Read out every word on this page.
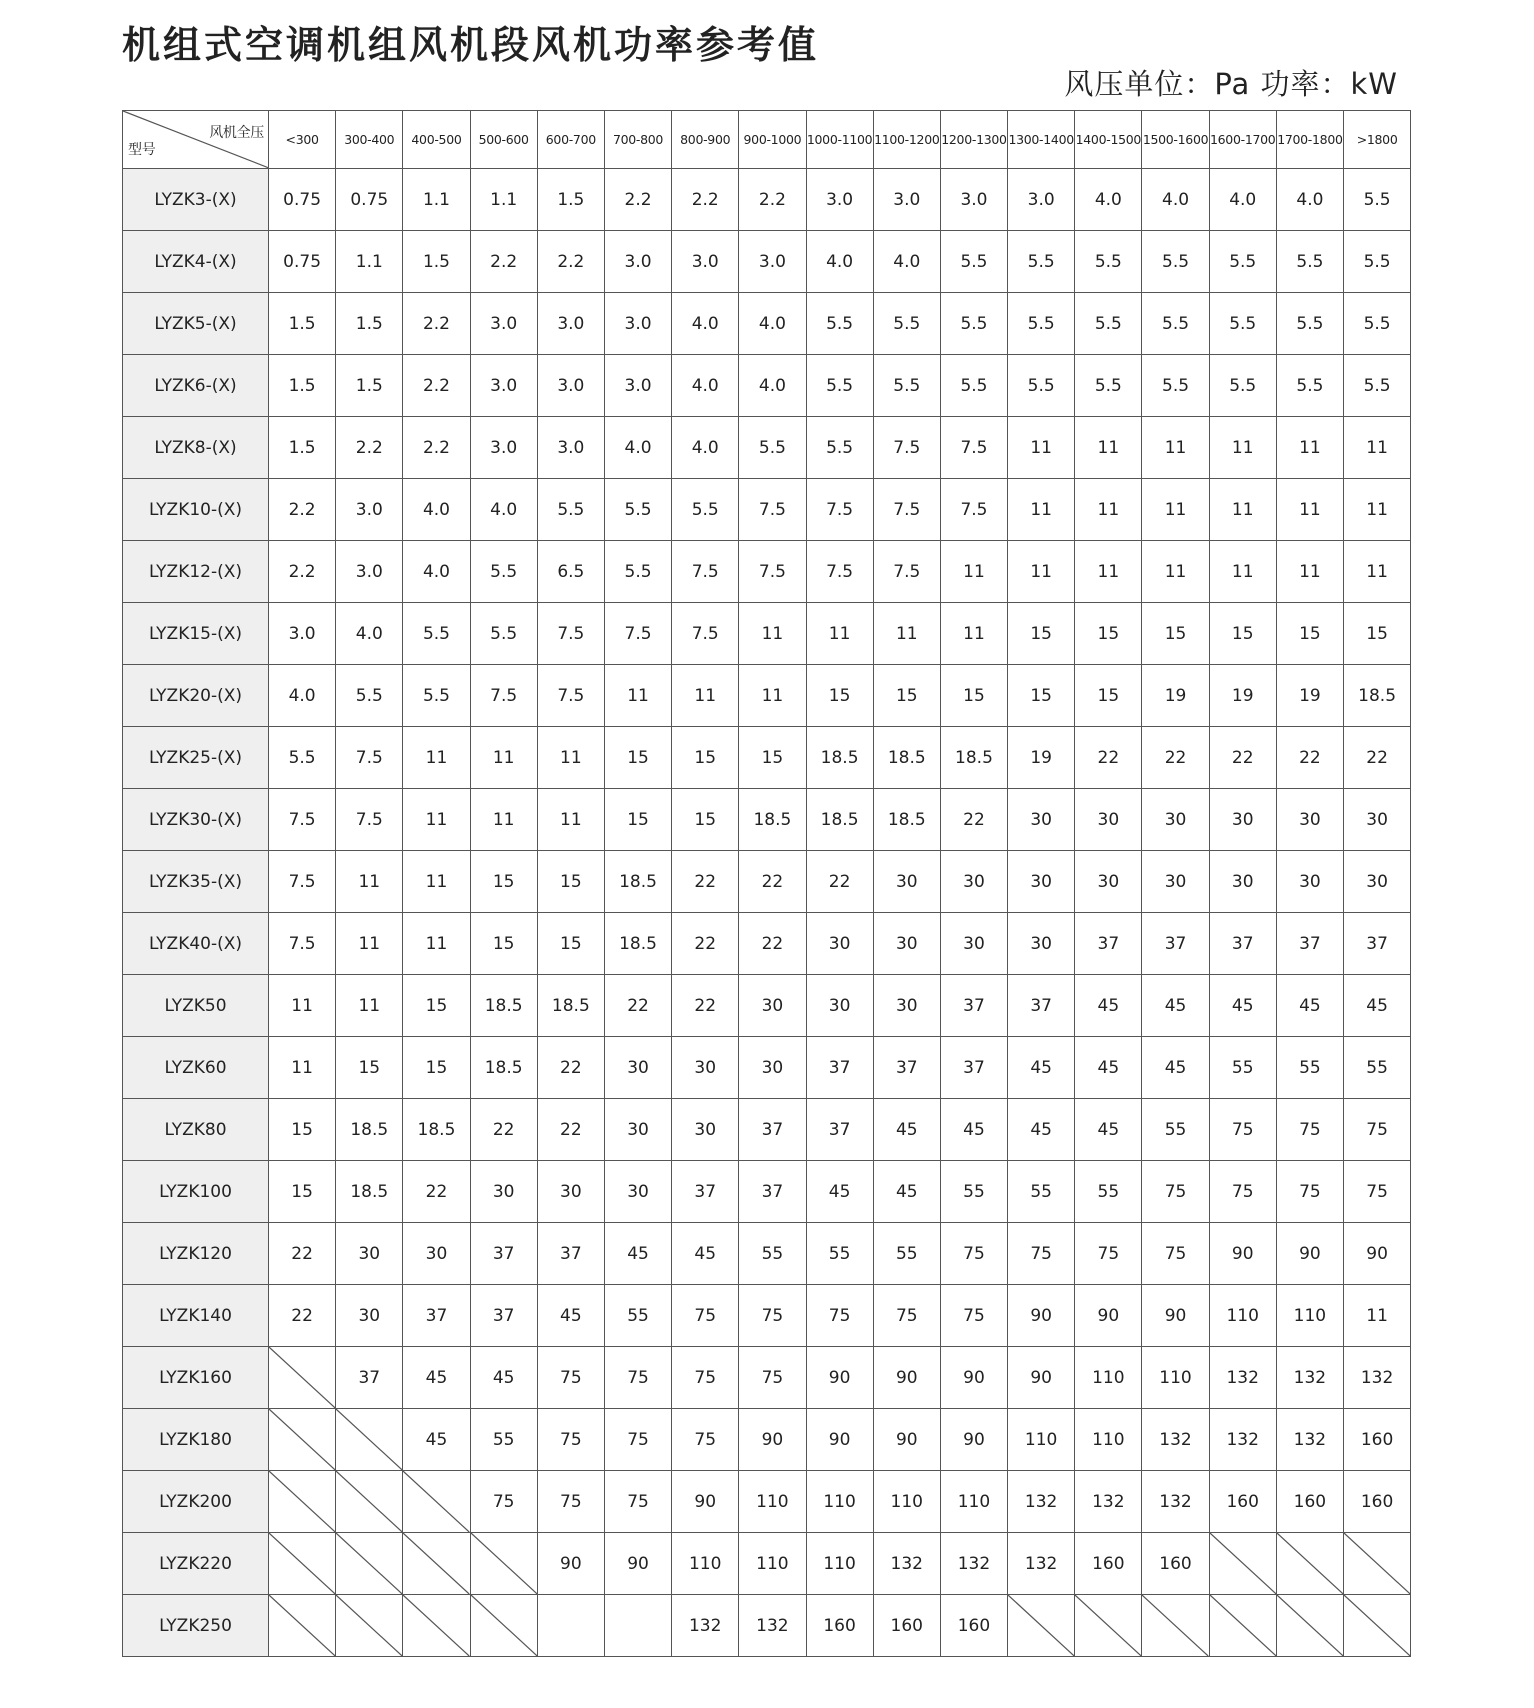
机组式空调机组风机段风机功率参考值
风压单位：Pa 功率：kW
风机全压
型号	<300	300-400	400-500	500-600	600-700	700-800	800-900	900-1000	1000-1100	1100-1200	1200-1300	1300-1400	1400-1500	1500-1600	1600-1700	1700-1800	>1800
LYZK3-(X)	0.75	0.75	1.1	1.1	1.5	2.2	2.2	2.2	3.0	3.0	3.0	3.0	4.0	4.0	4.0	4.0	5.5
LYZK4-(X)	0.75	1.1	1.5	2.2	2.2	3.0	3.0	3.0	4.0	4.0	5.5	5.5	5.5	5.5	5.5	5.5	5.5
LYZK5-(X)	1.5	1.5	2.2	3.0	3.0	3.0	4.0	4.0	5.5	5.5	5.5	5.5	5.5	5.5	5.5	5.5	5.5
LYZK6-(X)	1.5	1.5	2.2	3.0	3.0	3.0	4.0	4.0	5.5	5.5	5.5	5.5	5.5	5.5	5.5	5.5	5.5
LYZK8-(X)	1.5	2.2	2.2	3.0	3.0	4.0	4.0	5.5	5.5	7.5	7.5	11	11	11	11	11	11
LYZK10-(X)	2.2	3.0	4.0	4.0	5.5	5.5	5.5	7.5	7.5	7.5	7.5	11	11	11	11	11	11
LYZK12-(X)	2.2	3.0	4.0	5.5	6.5	5.5	7.5	7.5	7.5	7.5	11	11	11	11	11	11	11
LYZK15-(X)	3.0	4.0	5.5	5.5	7.5	7.5	7.5	11	11	11	11	15	15	15	15	15	15
LYZK20-(X)	4.0	5.5	5.5	7.5	7.5	11	11	11	15	15	15	15	15	19	19	19	18.5
LYZK25-(X)	5.5	7.5	11	11	11	15	15	15	18.5	18.5	18.5	19	22	22	22	22	22
LYZK30-(X)	7.5	7.5	11	11	11	15	15	18.5	18.5	18.5	22	30	30	30	30	30	30
LYZK35-(X)	7.5	11	11	15	15	18.5	22	22	22	30	30	30	30	30	30	30	30
LYZK40-(X)	7.5	11	11	15	15	18.5	22	22	30	30	30	30	37	37	37	37	37
LYZK50	11	11	15	18.5	18.5	22	22	30	30	30	37	37	45	45	45	45	45
LYZK60	11	15	15	18.5	22	30	30	30	37	37	37	45	45	45	55	55	55
LYZK80	15	18.5	18.5	22	22	30	30	37	37	45	45	45	45	55	75	75	75
LYZK100	15	18.5	22	30	30	30	37	37	45	45	55	55	55	75	75	75	75
LYZK120	22	30	30	37	37	45	45	55	55	55	75	75	75	75	90	90	90
LYZK140	22	30	37	37	45	55	75	75	75	75	75	90	90	90	110	110	11
LYZK160		37	45	45	75	75	75	75	90	90	90	90	110	110	132	132	132
LYZK180			45	55	75	75	75	90	90	90	90	110	110	132	132	132	160
LYZK200				75	75	75	90	110	110	110	110	132	132	132	160	160	160
LYZK220					90	90	110	110	110	132	132	132	160	160	

LYZK250							132	132	160	160	160	
